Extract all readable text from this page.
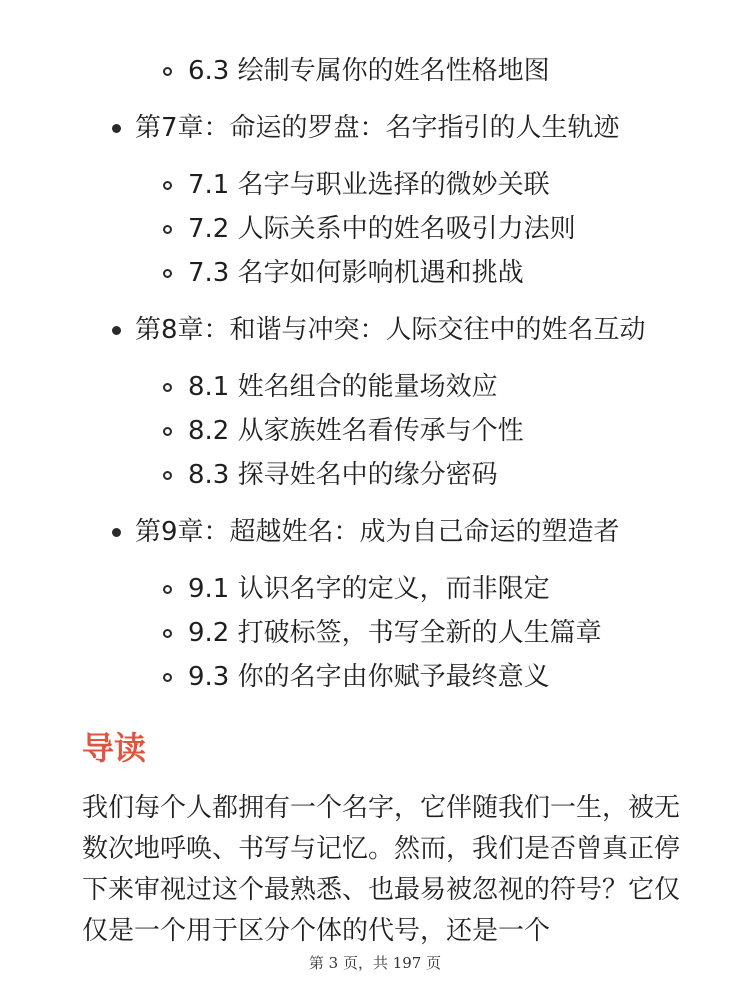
6.3 绘制专属你的姓名性格地图
第7章：命运的罗盘：名字指引的人生轨迹
7.1 名字与职业选择的微妙关联
7.2 人际关系中的姓名吸引力法则
7.3 名字如何影响机遇和挑战
第8章：和谐与冲突：人际交往中的姓名互动
8.1 姓名组合的能量场效应
8.2 从家族姓名看传承与个性
8.3 探寻姓名中的缘分密码
第9章：超越姓名：成为自己命运的塑造者
9.1 认识名字的定义，而非限定
9.2 打破标签，书写全新的人生篇章
9.3 你的名字由你赋予最终意义
导读
我们每个人都拥有一个名字，它伴随我们一生，被无数次地呼唤、书写与记忆。然而，我们是否曾真正停下来审视过这个最熟悉、也最易被忽视的符号？它仅仅是一个用于区分个体的代号，还是一个
第 3 页，共 197 页
